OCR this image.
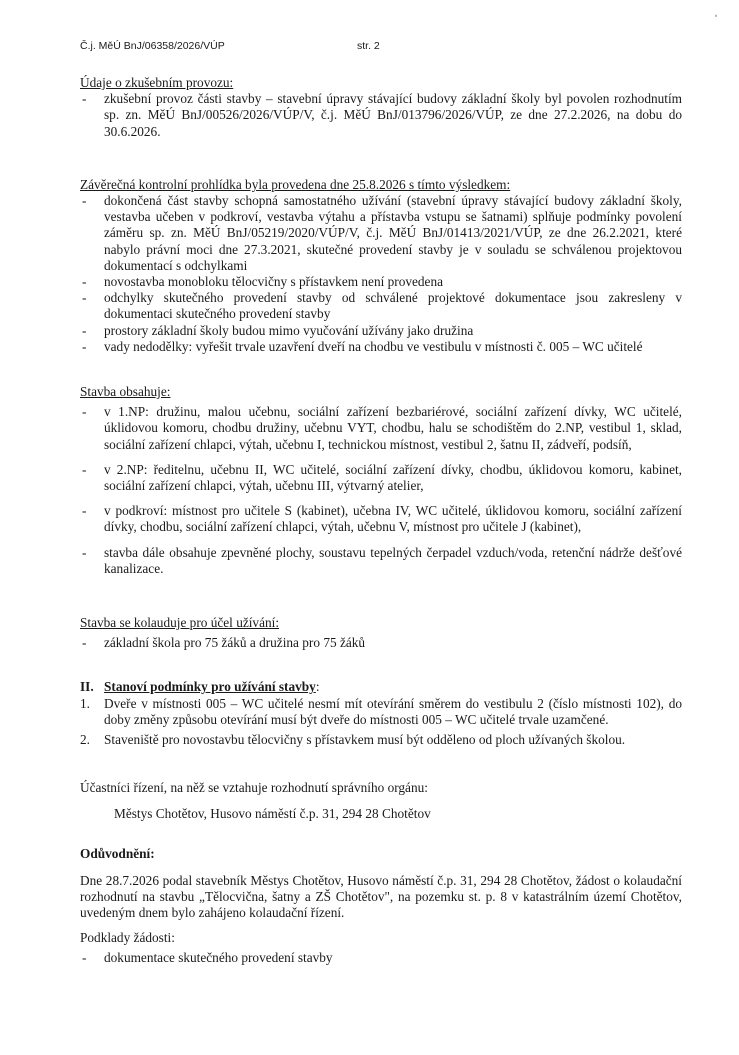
Č.j. MěÚ BnJ/06358/2026/VÚP	str. 2
ʹ

Údaje o zkušebním provozu:

- zkušební provoz části stavby – stavební úpravy stávající budovy základní školy byl povolen rozhodnutím sp. zn. MěÚ BnJ/00526/2026/VÚP/V, č.j. MěÚ BnJ/013796/2026/VÚP, ze dne 27.2.2026, na dobu do 30.6.2026.

Závěrečná kontrolní prohlídka byla provedena dne 25.8.2026 s tímto výsledkem:

- dokončená část stavby schopná samostatného užívání (stavební úpravy stávající budovy základní školy, vestavba učeben v podkroví, vestavba výtahu a přístavba vstupu se šatnami) splňuje podmínky povolení záměru sp. zn. MěÚ BnJ/05219/2020/VÚP/V, č.j. MěÚ BnJ/01413/2021/VÚP, ze dne 26.2.2021, které nabylo právní moci dne 27.3.2021, skutečné provedení stavby je v souladu se schválenou projektovou dokumentací s odchylkami
- novostavba monobloku tělocvičny s přístavkem není provedena
- odchylky skutečného provedení stavby od schválené projektové dokumentace jsou zakresleny v dokumentaci skutečného provedení stavby
- prostory základní školy budou mimo vyučování užívány jako družina
- vady nedodělky: vyřešit trvale uzavření dveří na chodbu ve vestibulu v místnosti č. 005 – WC učitelé

Stavba obsahuje:

- v 1.NP: družinu, malou učebnu, sociální zařízení bezbariérové, sociální zařízení dívky, WC učitelé, úklidovou komoru, chodbu družiny, učebnu VYT, chodbu, halu se schodištěm do 2.NP, vestibul 1, sklad, sociální zařízení chlapci, výtah, učebnu I, technickou místnost, vestibul 2, šatnu II, zádveří, podsíň,
- v 2.NP: ředitelnu, učebnu II, WC učitelé, sociální zařízení dívky, chodbu, úklidovou komoru, kabinet, sociální zařízení chlapci, výtah, učebnu III, výtvarný atelier,
- v podkroví: místnost pro učitele S (kabinet), učebna IV, WC učitelé, úklidovou komoru, sociální zařízení dívky, chodbu, sociální zařízení chlapci, výtah, učebnu V, místnost pro učitele J (kabinet),
- stavba dále obsahuje zpevněné plochy, soustavu tepelných čerpadel vzduch/voda, retenční nádrže dešťové kanalizace.

Stavba se kolauduje pro účel užívání:

- základní škola pro 75 žáků a družina pro 75 žáků

II. Stanoví podmínky pro užívání stavby:

1. Dveře v místnosti 005 – WC učitelé nesmí mít otevírání směrem do vestibulu 2 (číslo místnosti 102), do doby změny způsobu otevírání musí být dveře do místnosti 005 – WC učitelé trvale uzamčené.
2. Staveniště pro novostavbu tělocvičny s přístavkem musí být odděleno od ploch užívaných školou.

Účastníci řízení, na něž se vztahuje rozhodnutí správního orgánu:

Městys Chotětov, Husovo náměstí č.p. 31, 294 28 Chotětov

Odůvodnění:

Dne 28.7.2026 podal stavebník Městys Chotětov, Husovo náměstí č.p. 31, 294 28 Chotětov, žádost o kolaudační rozhodnutí na stavbu „Tělocvična, šatny a ZŠ Chotětov", na pozemku st. p. 8 v katastrálním území Chotětov, uvedeným dnem bylo zahájeno kolaudační řízení.

Podklady žádosti:

- dokumentace skutečného provedení stavby
